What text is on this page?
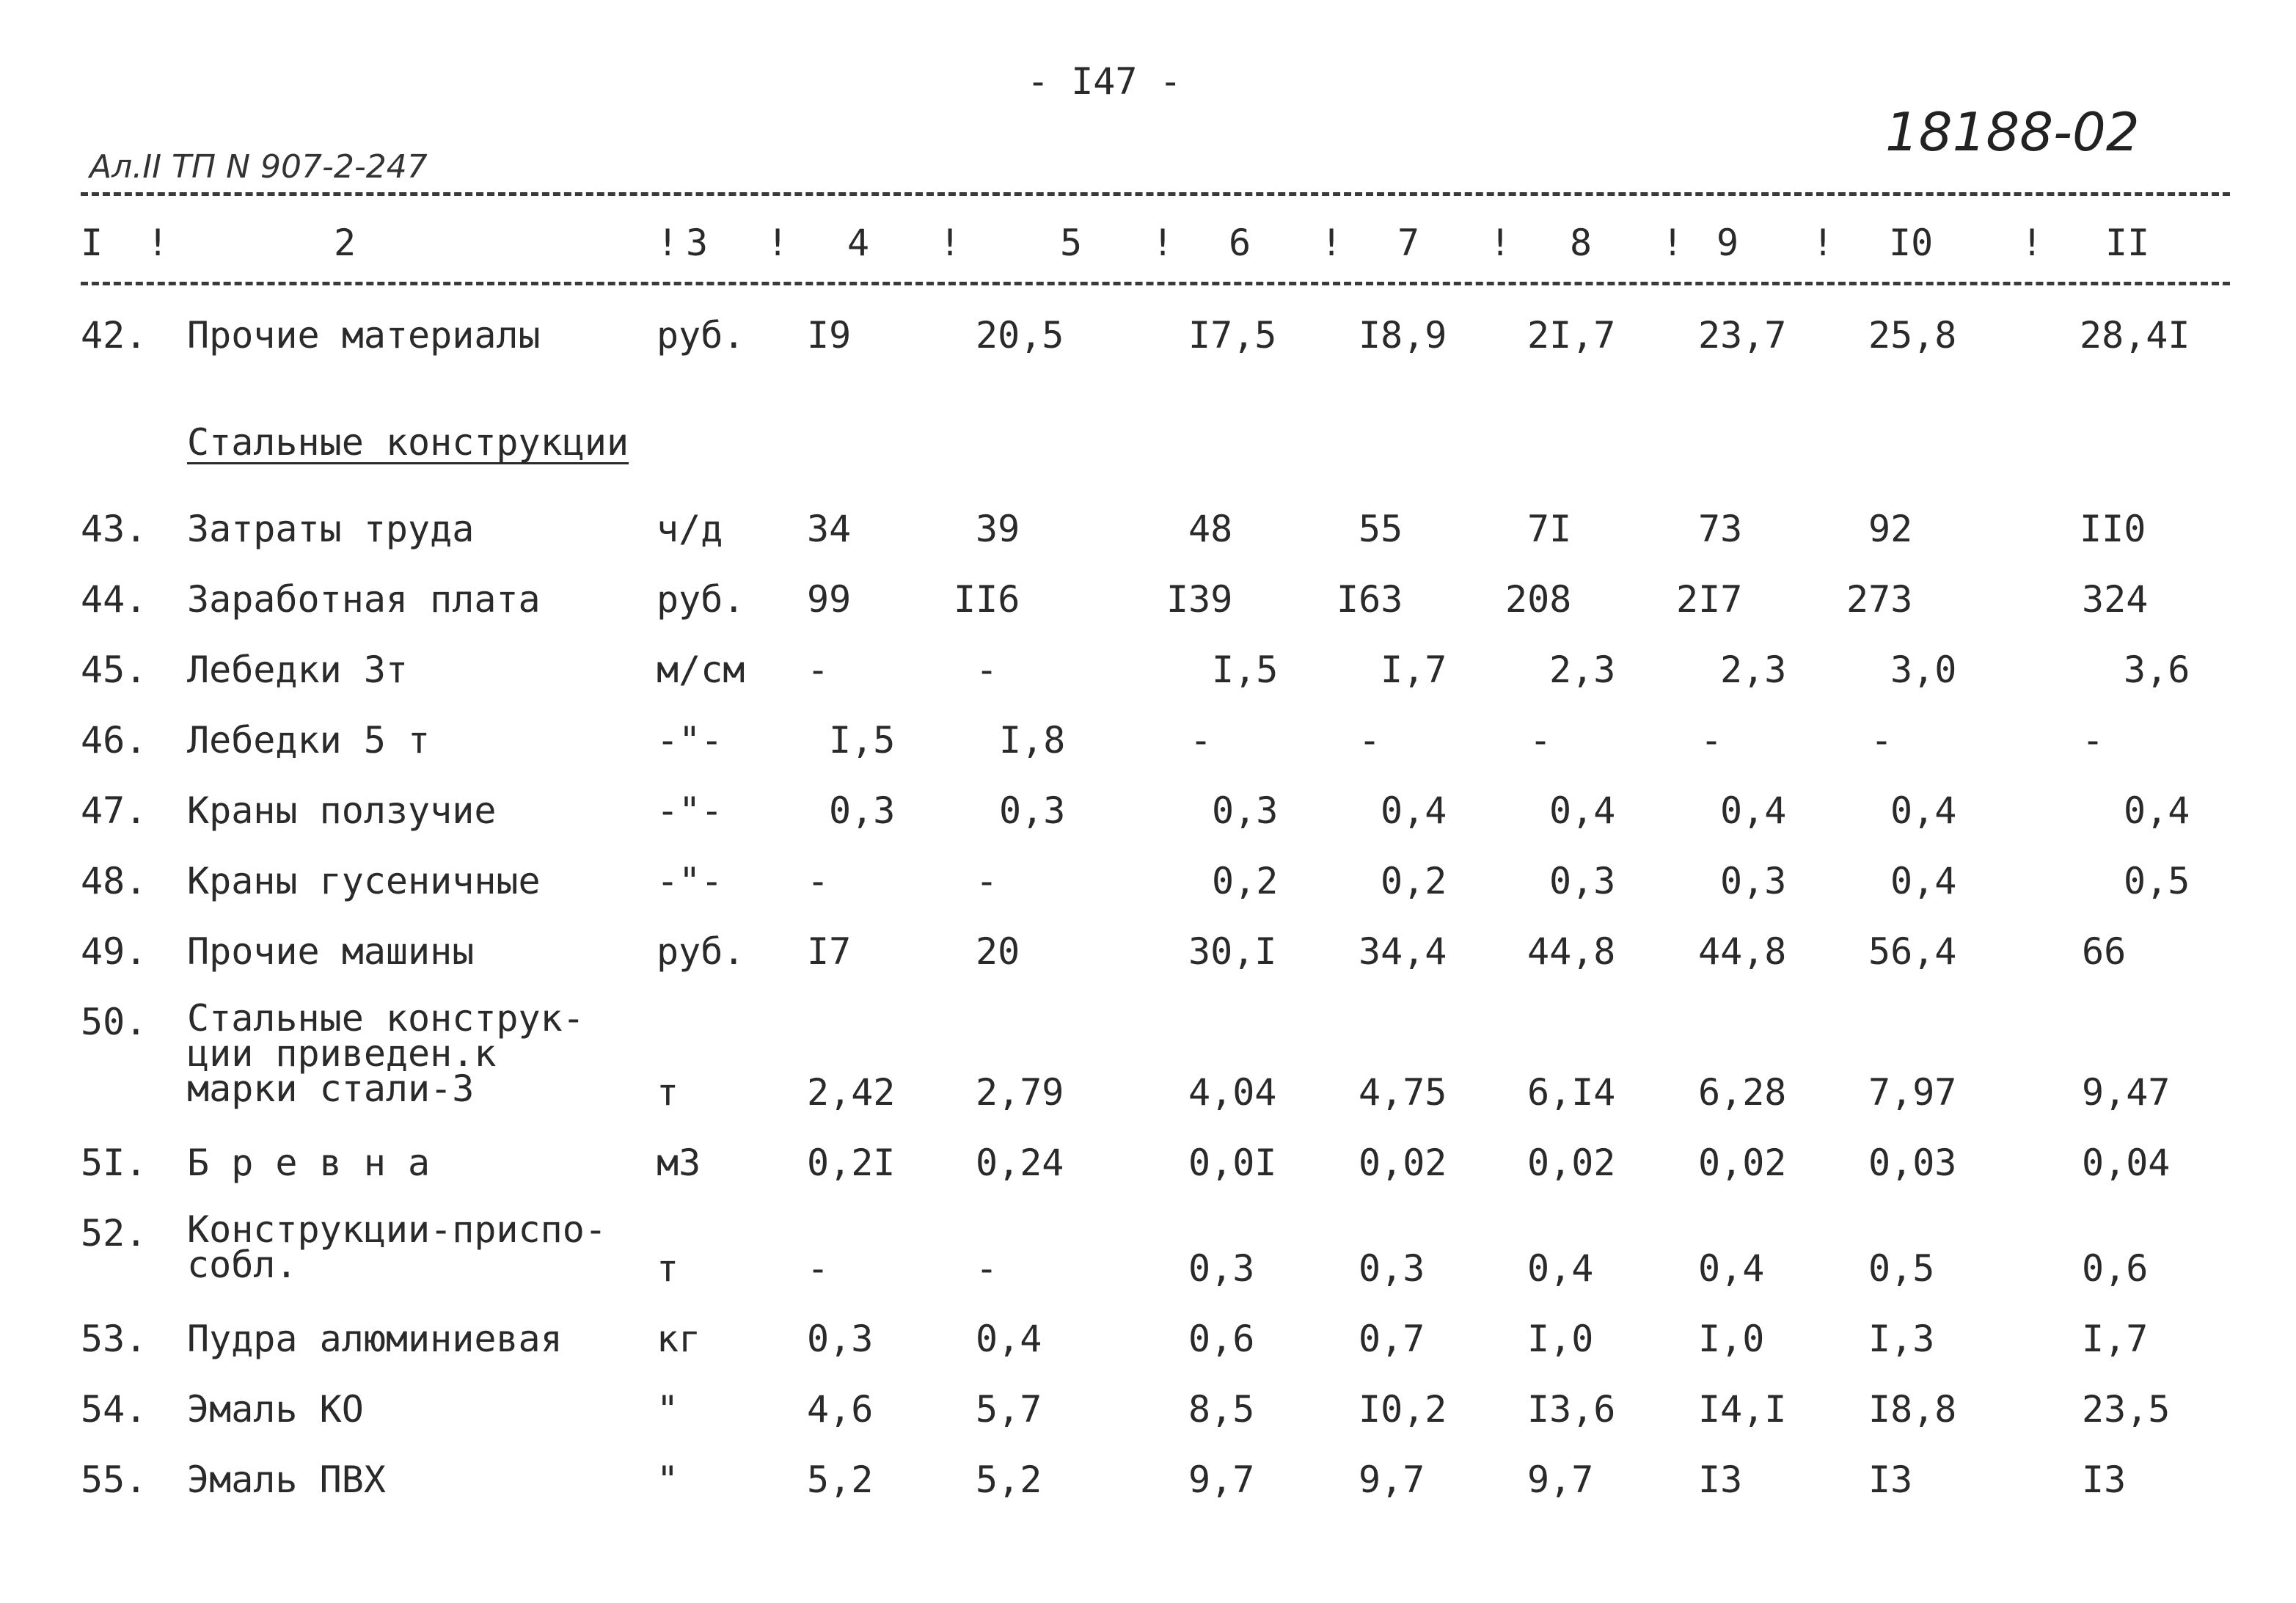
- I47 -
18188-02
Ал.II ТП N 907-2-247
I !	2	! 3 ! 4 !	5 ! 6 ! 7 ! 8 ! 9 ! I0 ! II
42. Прочие материалы	руб. I9	20,5	I7,5 I8,9 2I,7 23,7 25,8	28,4I
Стальные конструкции
43. Затраты труда	ч/д 34	39	48	55	7I	73	92	II0
44. Заработная плата	руб. 99	II6	I39	I63	208	2I7	273	324
45. Лебедки 3т	м/см -	-	I,5	I,7	2,3	2,3	3,0	3,6
46. Лебедки 5 т	-"-	I,5	I,8	-	-	-	-	-	-
47. Краны ползучие	-"-	0,3	0,3	0,3	0,4	0,4	0,4	0,4	0,4
48. Краны гусеничные	-"- -	-	0,2	0,2	0,3	0,3	0,4	0,5
49. Прочие машины	руб. I7	20	30,I 34,4 44,8 44,8 56,4	66
50. Стальные конструк-
ции приведен.к
марки стали-3	т	2,42 2,79	4,04 4,75 6,I4 6,28 7,97	9,47
5I. Б р е в н а	м3	0,2I 0,24	0,0I 0,02 0,02 0,02 0,03	0,04
52. Конструкции-приспо-
собл.	т	-	-	0,3	0,3	0,4	0,4	0,5	0,6
53. Пудра алюминиевая	кг	0,3	0,4	0,6	0,7	I,0	I,0	I,3	I,7
54. Эмаль КО	"	4,6	5,7	8,5	I0,2 I3,6 I4,I I8,8	23,5
55. Эмаль ПВХ	"	5,2	5,2	9,7	9,7	9,7	I3	I3	I3
